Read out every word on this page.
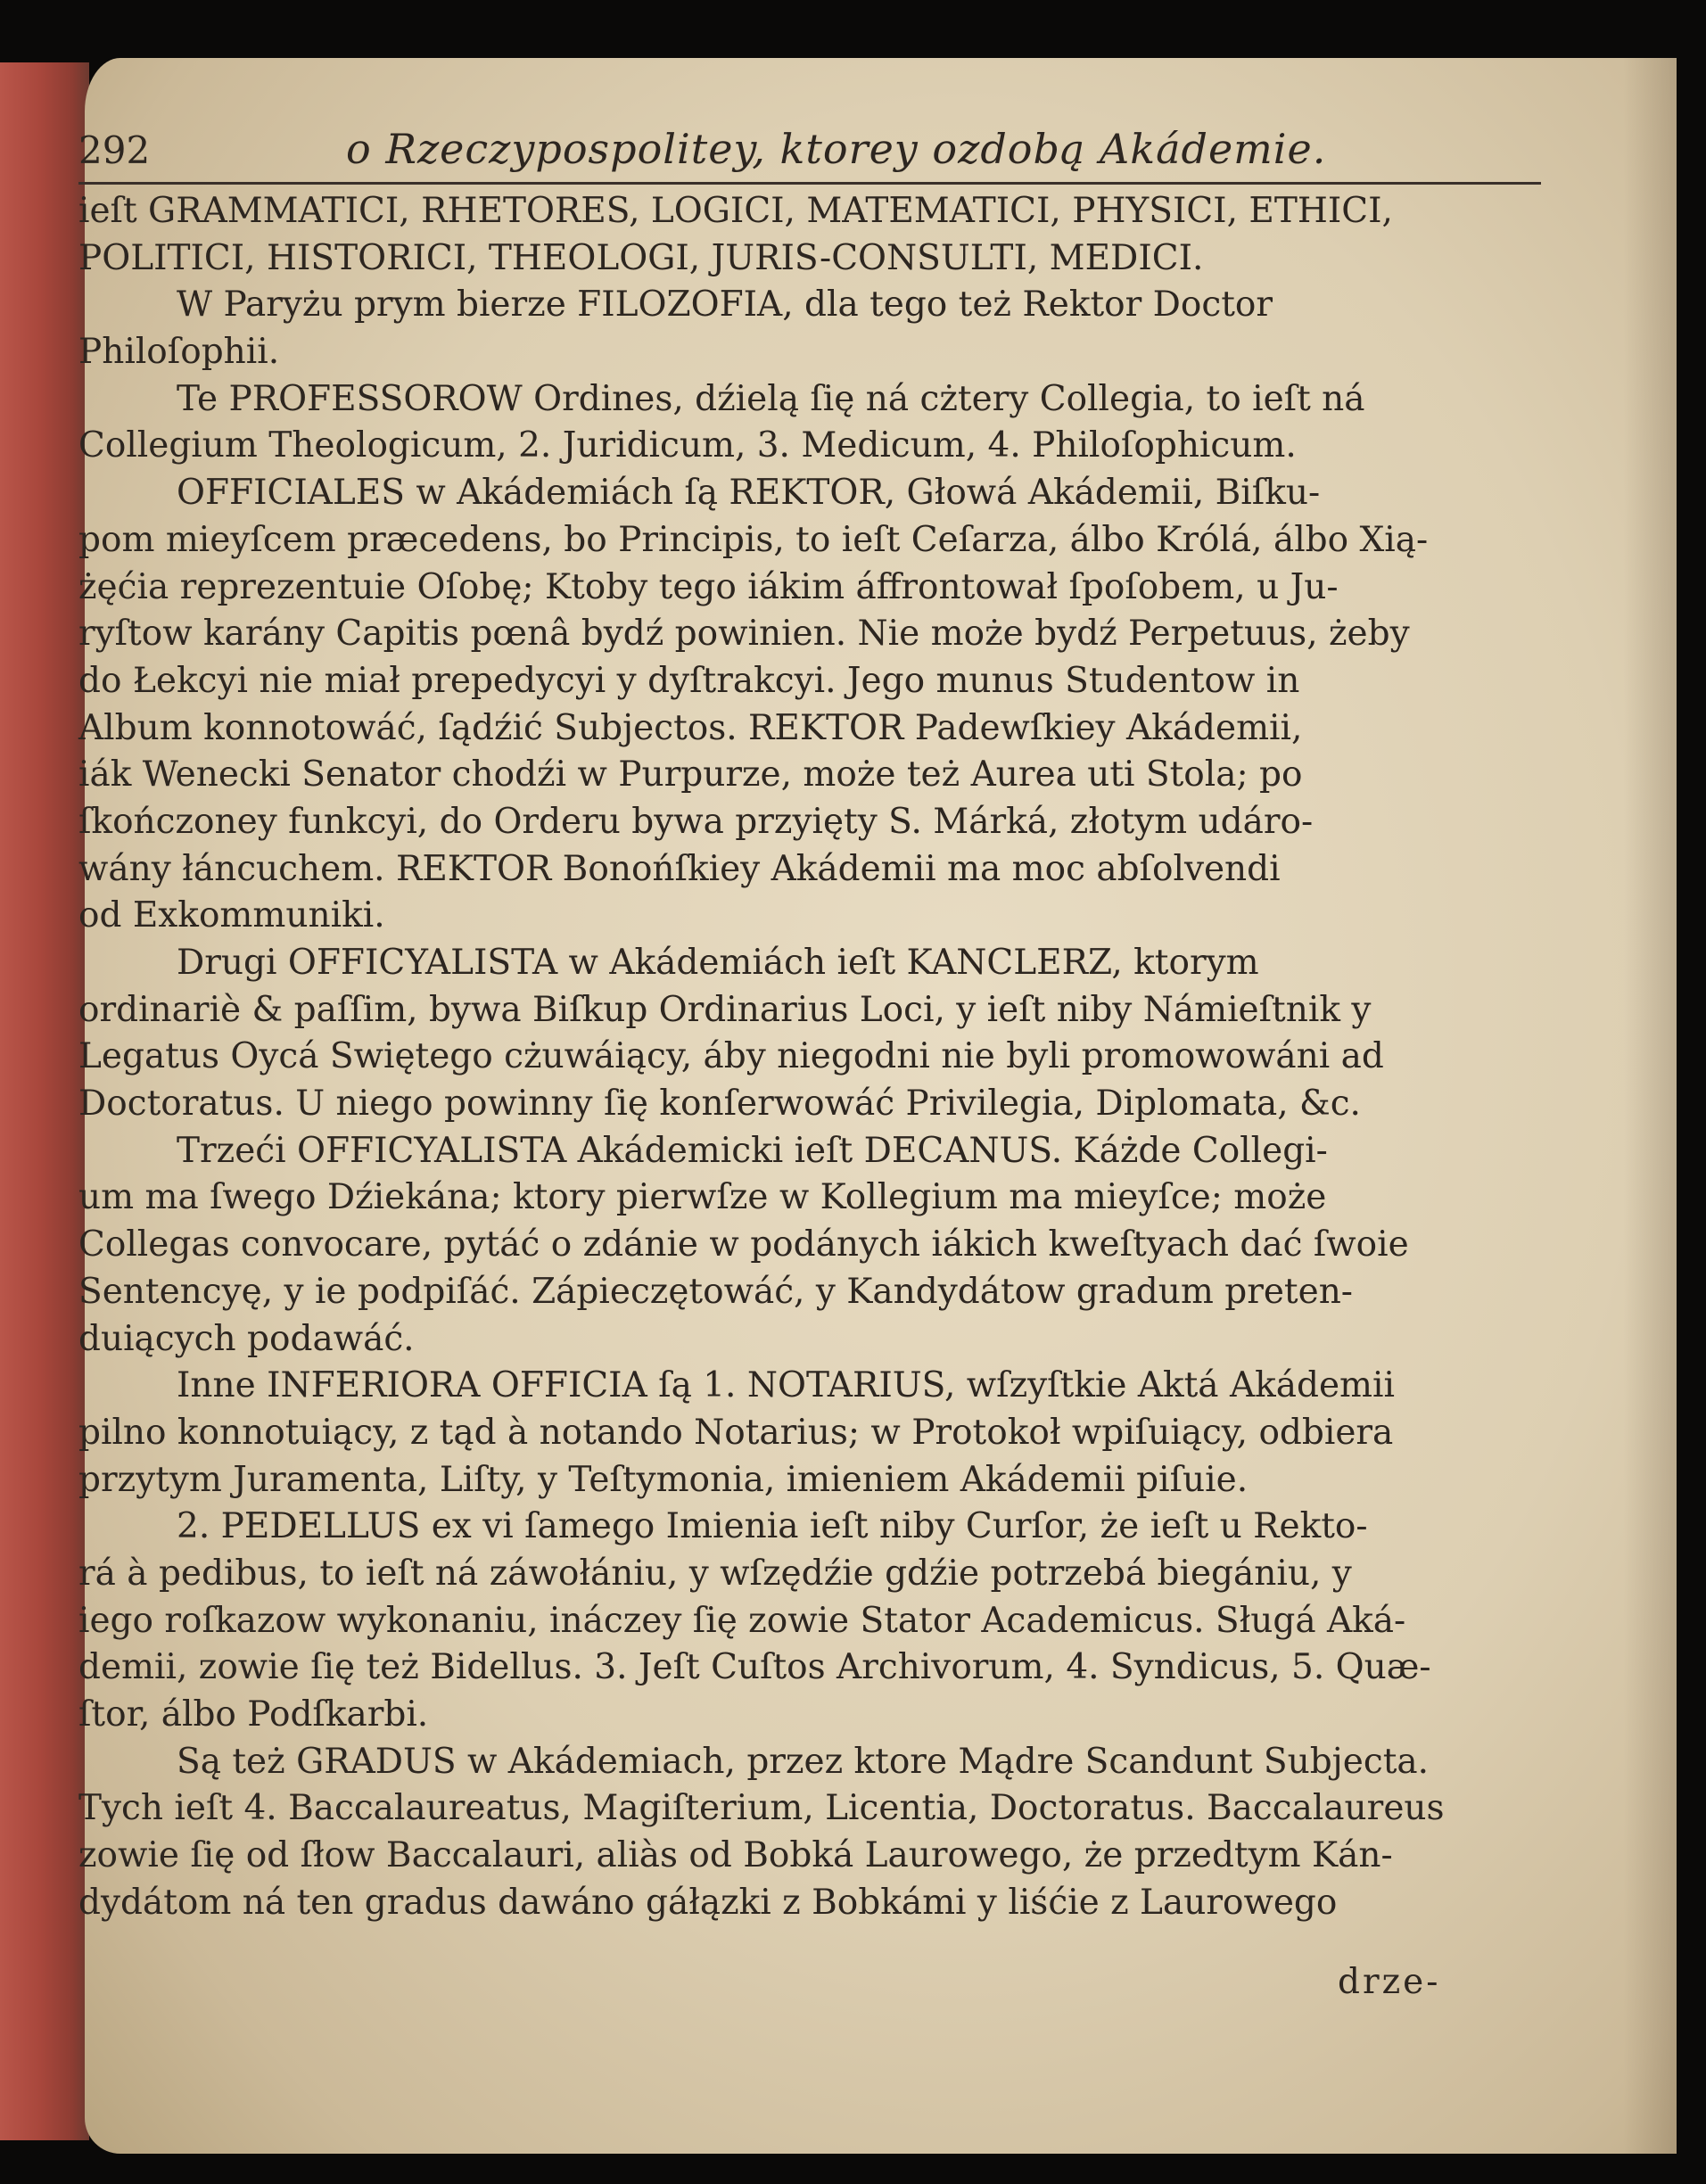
292	o Rzeczypospolitey, ktorey ozdobą Akádemie.
ieſt GRAMMATICI, RHETORES, LOGICI, MATEMATICI, PHYSICI, ETHICI,
POLITICI, HISTORICI, THEOLOGI, JURIS-CONSULTI, MEDICI.
W Paryżu prym bierze FILOZOFIA, dla tego też Rektor Doctor
Philoſophii.
Te PROFESSOROW Ordines, dźielą ſię ná cżtery Collegia, to ieſt ná
Collegium Theologicum, 2. Juridicum, 3. Medicum, 4. Philoſophicum.
OFFICIALES w Akádemiách ſą REKTOR, Głowá Akádemii, Biſku-
pom mieyſcem præcedens, bo Principis, to ieſt Ceſarza, álbo Królá, álbo Xią-
żęćia reprezentuie Oſobę; Ktoby tego iákim áffrontował ſpoſobem, u Ju-
ryſtow karány Capitis pœnâ bydź powinien. Nie może bydź Perpetuus, żeby
do Łekcyi nie miał prepedycyi y dyſtrakcyi. Jego munus Studentow in
Album konnotowáć, ſądźić Subjectos. REKTOR Padewſkiey Akádemii,
iák Wenecki Senator chodźi w Purpurze, może też Aurea uti Stola; po
ſkończoney funkcyi, do Orderu bywa przyięty S. Márká, złotym udáro-
wány łáncuchem. REKTOR Bonońſkiey Akádemii ma moc abſolvendi
od Exkommuniki.
Drugi OFFICYALISTA w Akádemiách ieſt KANCLERZ, ktorym
ordinariè & paſſim, bywa Biſkup Ordinarius Loci, y ieſt niby Námieſtnik y
Legatus Oycá Swiętego cżuwáiący, áby niegodni nie byli promowowáni ad
Doctoratus. U niego powinny ſię konſerwowáć Privilegia, Diplomata, &c.
Trzeći OFFICYALISTA Akádemicki ieſt DECANUS. Káżde Collegi-
um ma ſwego Dźiekána; ktory pierwſze w Kollegium ma mieyſce; może
Collegas convocare, pytáć o zdánie w podánych iákich kweſtyach dać ſwoie
Sentencyę, y ie podpiſáć. Zápieczętowáć, y Kandydátow gradum preten-
duiących podawáć.
Inne INFERIORA OFFICIA ſą 1. NOTARIUS, wſzyſtkie Aktá Akádemii
pilno konnotuiący, z tąd à notando Notarius; w Protokoł wpiſuiący, odbiera
przytym Juramenta, Liſty, y Teſtymonia, imieniem Akádemii piſuie.
2. PEDELLUS ex vi ſamego Imienia ieſt niby Curſor, że ieſt u Rekto-
rá à pedibus, to ieſt ná záwołániu, y wſzędźie gdźie potrzebá biegániu, y
iego roſkazow wykonaniu, ináczey ſię zowie Stator Academicus. Sługá Aká-
demii, zowie ſię też Bidellus. 3. Jeſt Cuſtos Archivorum, 4. Syndicus, 5. Quæ-
ſtor, álbo Podſkarbi.
Są też GRADUS w Akádemiach, przez ktore Mądre Scandunt Subjecta.
Tych ieſt 4. Baccalaureatus, Magiſterium, Licentia, Doctoratus. Baccalaureus
zowie ſię od ſłow Baccalauri, aliàs od Bobká Laurowego, że przedtym Kán-
dydátom ná ten gradus dawáno gáłązki z Bobkámi y liśćie z Laurowego
drze-
